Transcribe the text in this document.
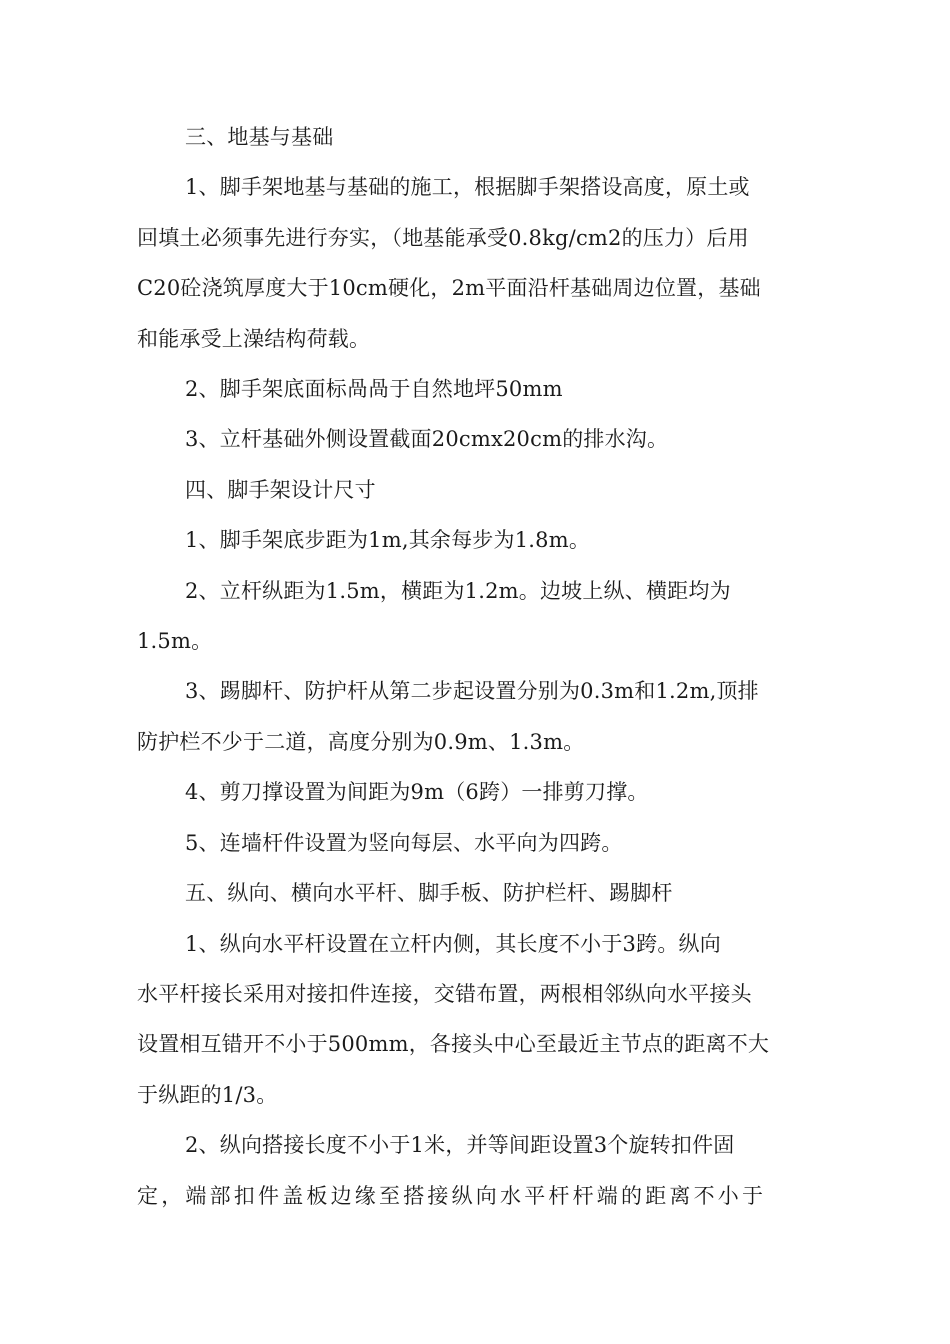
三、地基与基础
1、脚手架地基与基础的施工，根据脚手架搭设高度，原土或
回填土必须事先进行夯实，（地基能承受0.8kg/cm2的压力）后用
C20砼浇筑厚度大于10cm硬化，2m平面沿杆基础周边位置，基础
和能承受上澡结构荷载。
2、脚手架底面标咼咼于自然地坪50mm
3、立杆基础外侧设置截面20cmx20cm的排水沟。
四、脚手架设计尺寸
1、脚手架底步距为1m,其余每步为1.8m。
2、立杆纵距为1.5m，横距为1.2m。边坡上纵、横距均为
1.5m。
3、踢脚杆、防护杆从第二步起设置分别为0.3m和1.2m,顶排
防护栏不少于二道，高度分别为0.9m、1.3m。
4、剪刀撑设置为间距为9m（6跨）一排剪刀撑。
5、连墙杆件设置为竖向每层、水平向为四跨。
五、纵向、横向水平杆、脚手板、防护栏杆、踢脚杆
1、纵向水平杆设置在立杆内侧，其长度不小于3跨。纵向
水平杆接长采用对接扣件连接，交错布置，两根相邻纵向水平接头
设置相互错开不小于500mm，各接头中心至最近主节点的距离不大
于纵距的1/3。
2、纵向搭接长度不小于1米，并等间距设置3个旋转扣件固
定，端部扣件盖板边缘至搭接纵向水平杆杆端的距离不小于
